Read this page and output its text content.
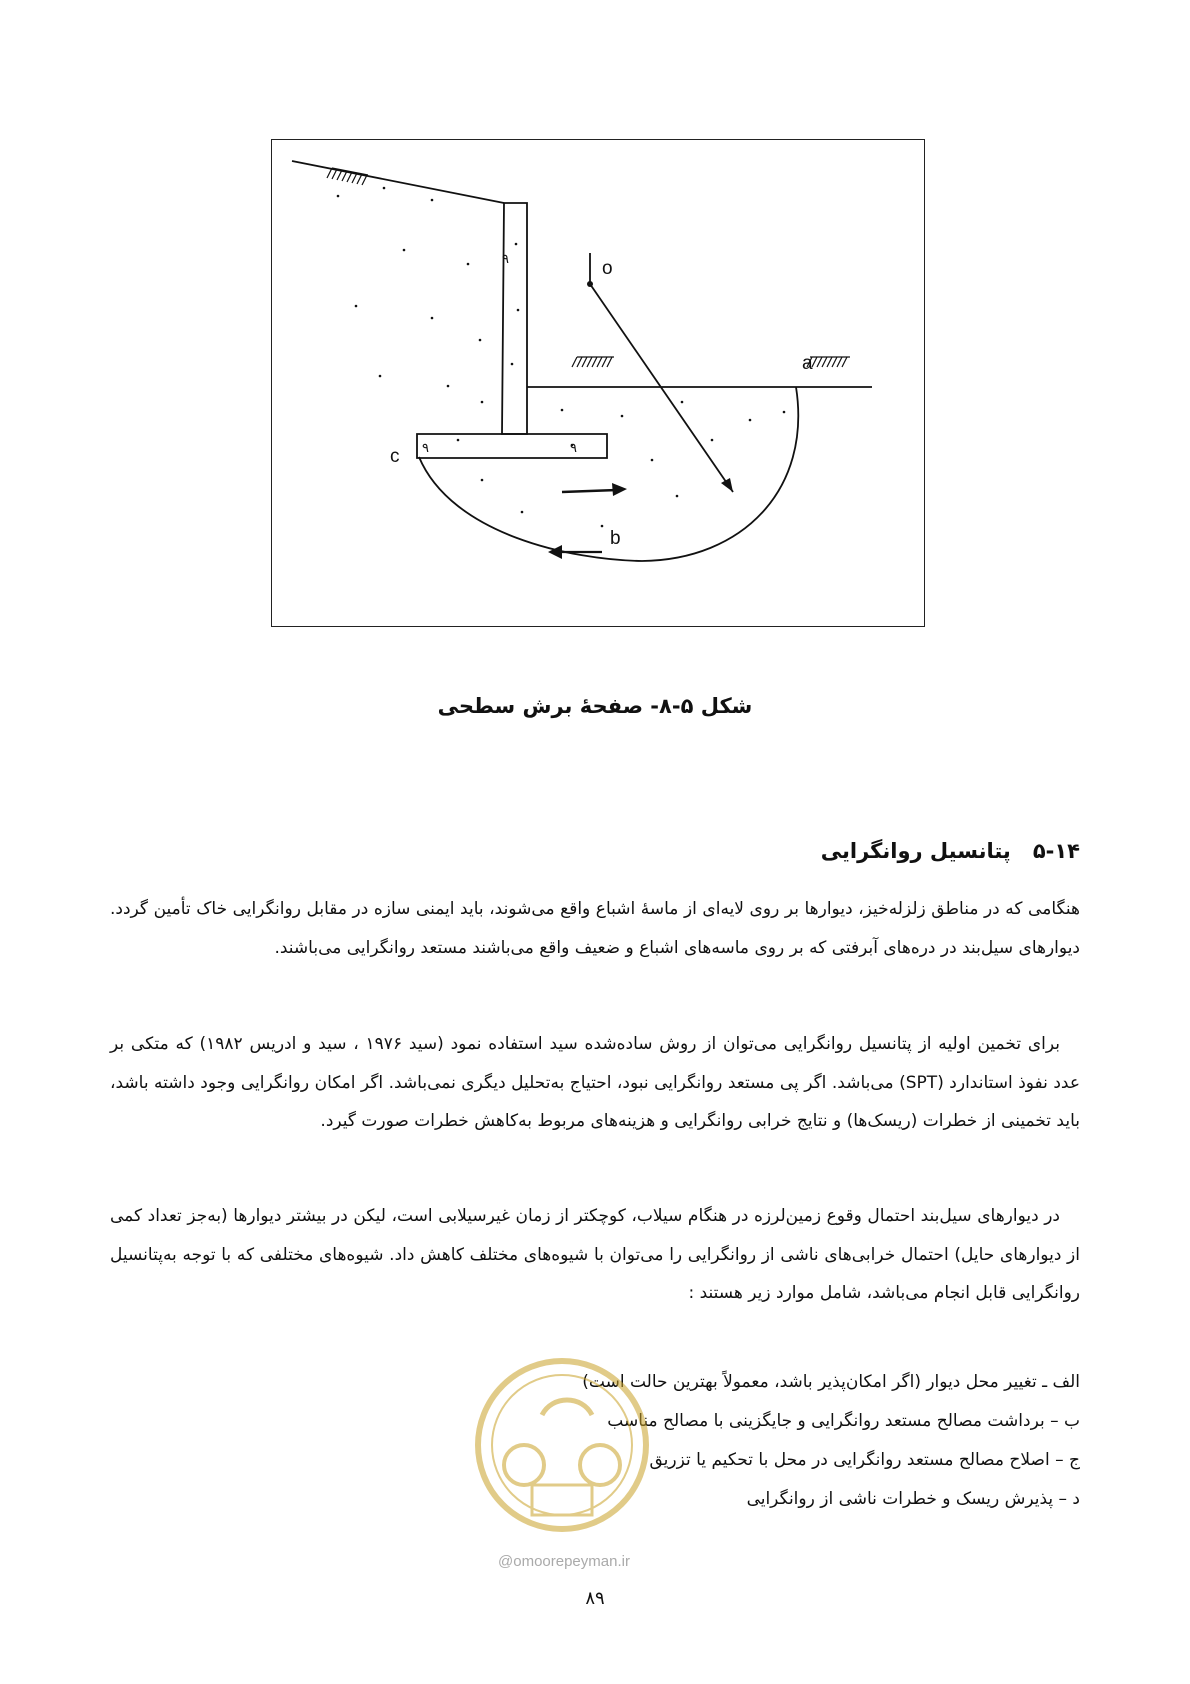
۹
۹	۹
o
a
c
b
شکل ۵-۸- صفحهٔ برش سطحی
۵-۱۴پتانسیل روانگرایی

هنگامی که در مناطق زلزله‌خیز، دیوارها بر روی لایه‌ای از ماسهٔ اشباع واقع می‌شوند، باید ایمنی سازه در مقابل روانگرایی خاک تأمین گردد. دیوارهای سیل‌بند در دره‌های آبرفتی که بر روی ماسه‌های اشباع و ضعیف واقع می‌باشند مستعد روانگرایی می‌باشند.

برای تخمین اولیه از پتانسیل روانگرایی می‌توان از روش ساده‌شده سید استفاده نمود (سید ۱۹۷۶ ، سید و ادریس ۱۹۸۲) که متکی بر عدد نفوذ استاندارد (SPT) می‌باشد. اگر پی مستعد روانگرایی نبود، احتیاج به‌تحلیل دیگری نمی‌باشد. اگر امکان روانگرایی وجود داشته باشد، باید تخمینی از خطرات (ریسک‌ها) و نتایج خرابی روانگرایی و هزینه‌های مربوط به‌کاهش خطرات صورت گیرد.

در دیوارهای سیل‌بند احتمال وقوع زمین‌لرزه در هنگام سیلاب، کوچکتر از زمان غیرسیلابی است، لیکن در بیشتر دیوارها (به‌جز تعداد کمی از دیوارهای حایل) احتمال خرابی‌های ناشی از روانگرایی را می‌توان با شیوه‌های مختلف کاهش داد. شیوه‌های مختلفی که با توجه به‌پتانسیل روانگرایی قابل انجام می‌باشد، شامل موارد زیر هستند :

الف ـ تغییر محل دیوار (اگر امکان‌پذیر باشد، معمولاً بهترین حالت است)
ب – برداشت مصالح مستعد روانگرایی و جایگزینی با مصالح مناسب
ج – اصلاح مصالح مستعد روانگرایی در محل با تحکیم یا تزریق
د – پذیرش ریسک و خطرات ناشی از روانگرایی
@omoorepeyman.ir
۸۹
